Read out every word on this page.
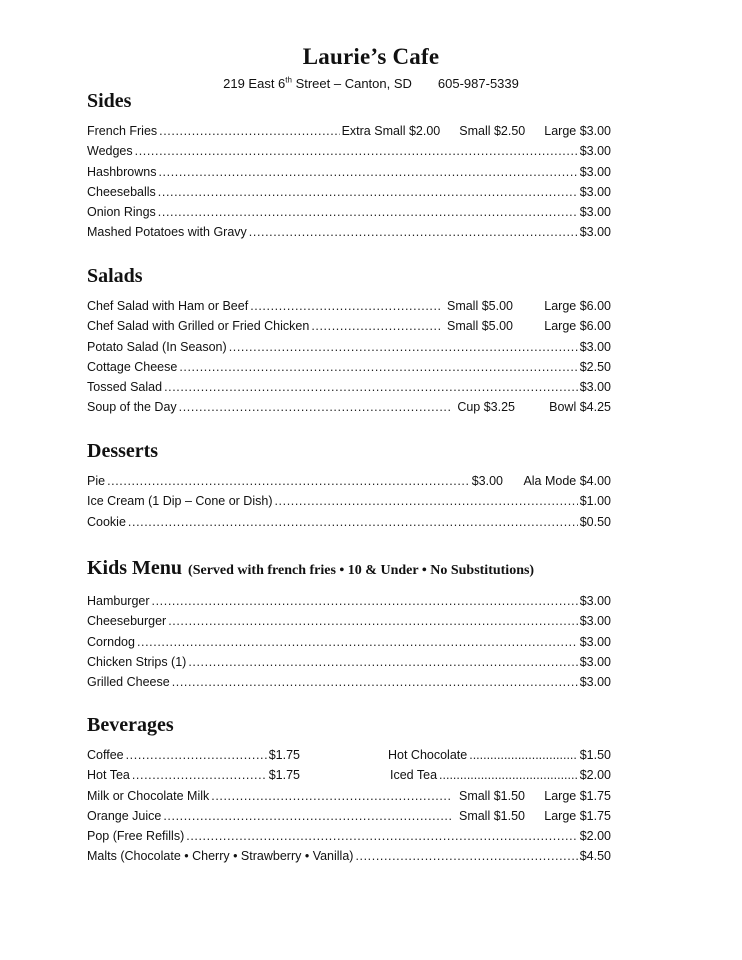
Laurie’s Cafe
219 East 6th Street – Canton, SD 605-987-5339
Sides
French Fries .....	Extra Small $2.00 Small $2.50 Large $3.00
Wedges .....	$3.00
Hashbrowns .....	$3.00
Cheeseballs .....	$3.00
Onion Rings .....	$3.00
Mashed Potatoes with Gravy .....	$3.00
Salads
Chef Salad with Ham or Beef .....	Small $5.00	Large $6.00
Chef Salad with Grilled or Fried Chicken .....	Small $5.00	Large $6.00
Potato Salad (In Season) .....	$3.00
Cottage Cheese .....	$2.50
Tossed Salad .....	$3.00
Soup of the Day .....	Cup $3.25	Bowl $4.25
Desserts
Pie .....	$3.00	Ala Mode $4.00
Ice Cream (1 Dip – Cone or Dish) .....	$1.00
Cookie .....	$0.50
Kids Menu (Served with french fries • 10 & Under • No Substitutions)
Hamburger .....	$3.00
Cheeseburger .....	$3.00
Corndog .....	$3.00
Chicken Strips (1) .....	$3.00
Grilled Cheese .....	$3.00
Beverages
Coffee .....	$1.75	Hot Chocolate .....	$1.50
Hot Tea .....	$1.75	Iced Tea .....	$2.00
Milk or Chocolate Milk .....	Small $1.50	Large $1.75
Orange Juice .....	Small $1.50	Large $1.75
Pop (Free Refills) .....	$2.00
Malts (Chocolate • Cherry • Strawberry • Vanilla) .....	$4.50
